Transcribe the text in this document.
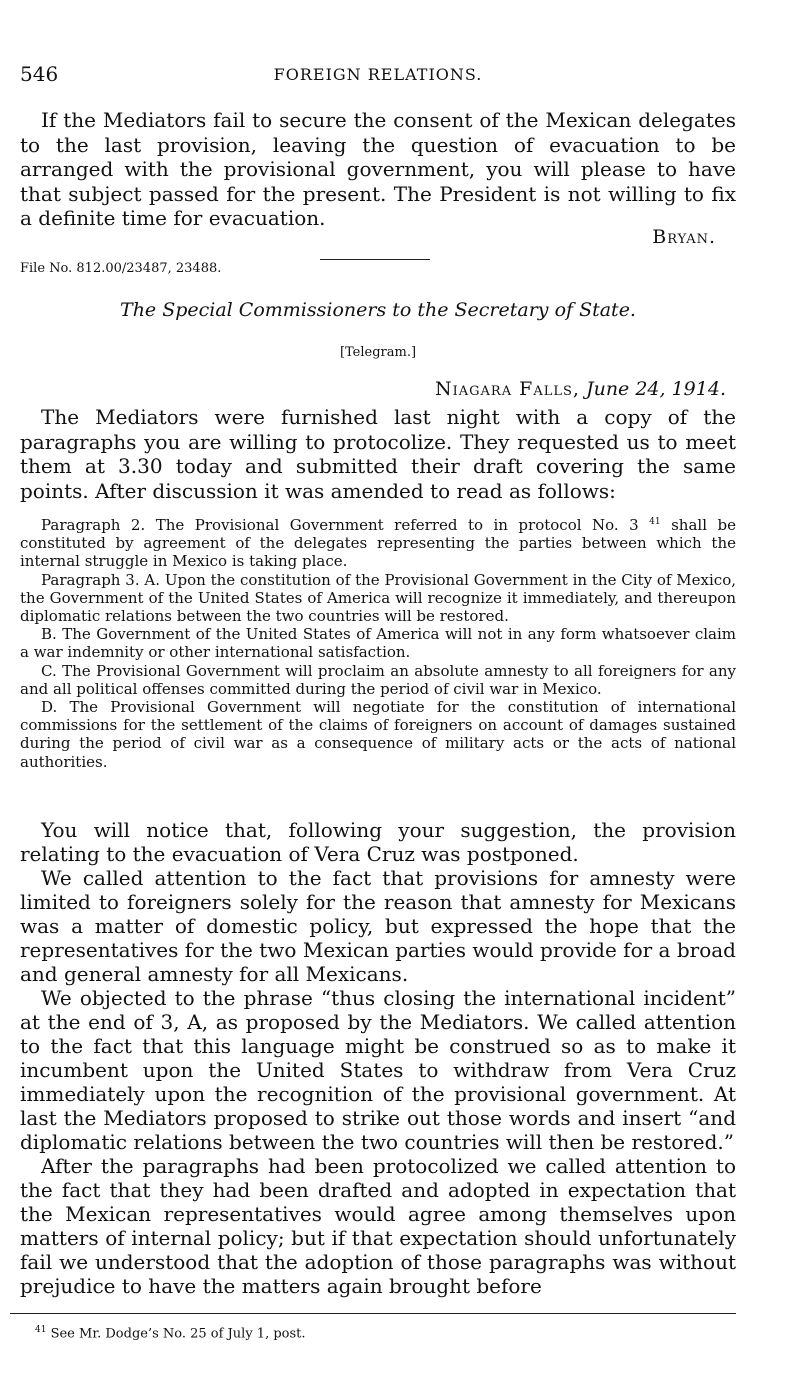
546	FOREIGN RELATIONS.

If the Mediators fail to secure the consent of the Mexican delegates to the last provision, leaving the question of evacuation to be arranged with the provisional government, you will please to have that subject passed for the present. The President is not willing to fix a definite time for evacuation.

Bryan.
File No. 812.00/23487, 23488.
The Special Commissioners to the Secretary of State.
[Telegram.]
Niagara Falls, June 24, 1914.

The Mediators were furnished last night with a copy of the paragraphs you are willing to protocolize. They requested us to meet them at 3.30 today and submitted their draft covering the same points. After discussion it was amended to read as follows:

Paragraph 2. The Provisional Government referred to in protocol No. 3 $^{41}$ shall be constituted by agreement of the delegates representing the parties between which the internal struggle in Mexico is taking place.

Paragraph 3. A. Upon the constitution of the Provisional Government in the City of Mexico, the Government of the United States of America will recognize it immediately, and thereupon diplomatic relations between the two countries will be restored.

B. The Government of the United States of America will not in any form whatsoever claim a war indemnity or other international satisfaction.

C. The Provisional Government will proclaim an absolute amnesty to all foreigners for any and all political offenses committed during the period of civil war in Mexico.

D. The Provisional Government will negotiate for the constitution of international commissions for the settlement of the claims of foreigners on account of damages sustained during the period of civil war as a consequence of military acts or the acts of national authorities.

You will notice that, following your suggestion, the provision relating to the evacuation of Vera Cruz was postponed.

We called attention to the fact that provisions for amnesty were limited to foreigners solely for the reason that amnesty for Mexicans was a matter of domestic policy, but expressed the hope that the representatives for the two Mexican parties would provide for a broad and general amnesty for all Mexicans.

We objected to the phrase “thus closing the international incident” at the end of 3, A, as proposed by the Mediators. We called attention to the fact that this language might be construed so as to make it incumbent upon the United States to withdraw from Vera Cruz immediately upon the recognition of the provisional government. At last the Mediators proposed to strike out those words and insert “and diplomatic relations between the two countries will then be restored.”

After the paragraphs had been protocolized we called attention to the fact that they had been drafted and adopted in expectation that the Mexican representatives would agree among themselves upon matters of internal policy; but if that expectation should unfortunately fail we understood that the adoption of those paragraphs was without prejudice to have the matters again brought before

$^{41}$ See Mr. Dodge’s No. 25 of July 1, post.
